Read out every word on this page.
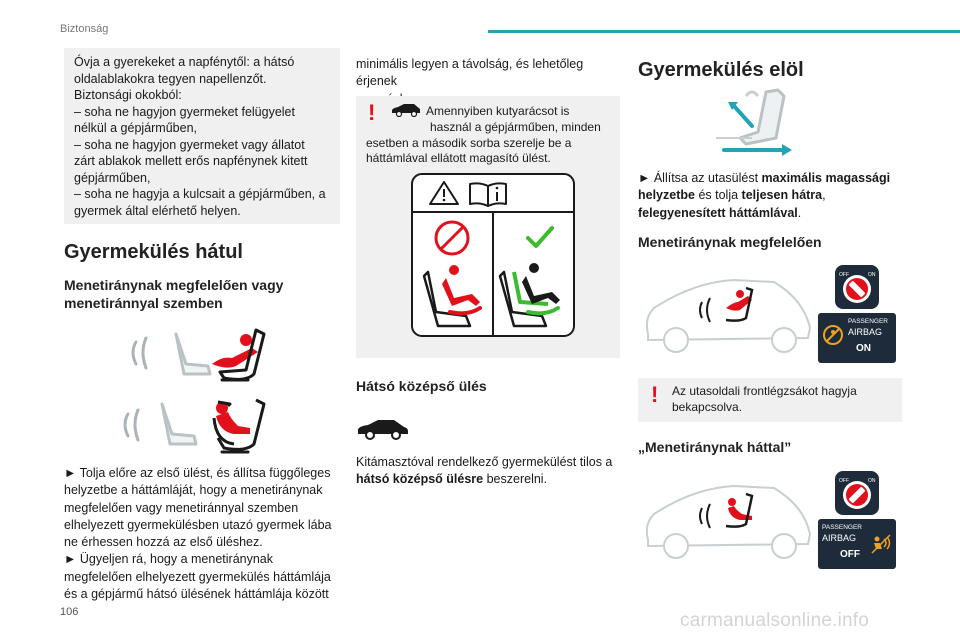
Biztonság

Óvja a gyerekeket a napfénytől: a hátsó

oldalablakokra tegyen napellenzőt.

Biztonsági okokból:

– soha ne hagyjon gyermeket felügyelet

nélkül a gépjárműben,

– soha ne hagyjon gyermeket vagy állatot

zárt ablakok mellett erős napfénynek kitett

gépjárműben,

– soha ne hagyja a kulcsait a gépjárműben, a

gyermek által elérhető helyen.

Gyermekülés hátul
Menetiránynak megfelelően vagy menetiránnyal szemben

► Tolja előre az első ülést, és állítsa függőleges

helyzetbe a háttámláját, hogy a menetiránynak

megfelelően vagy menetiránnyal szemben

elhelyezett gyermekülésben utazó gyermek lába

ne érhessen hozzá az első üléshez.

► Ügyeljen rá, hogy a menetiránynak

megfelelően elhelyezett gyermekülés háttámlája

és a gépjármű hátsó ülésének háttámlája között

minimális legyen a távolság, és lehetőleg érjenek

!	Amennyiben kutyarácsot is

használ a gépjárműben, minden

esetben a második sorba szerelje be a

háttámlával ellátott magasító ülést.

Hátsó középső ülés

Kitámasztóval rendelkező gyermekülést tilos a

hátsó középső ülésre beszerelni.

Gyermekülés elöl

► Állítsa az utasülést maximális magassági

helyzetbe és tolja teljesen hátra,

felegyenesített háttámlával.

Menetiránynak megfelelően
OFF	ON
PASSENGER
AIRBAG
ON
! Az utasoldali frontlégzsákot hagyja

bekapcsolva.

„Menetiránynak háttal”
OFF	ON
PASSENGER
AIRBAG
OFF
106	carmanualsonline.info
